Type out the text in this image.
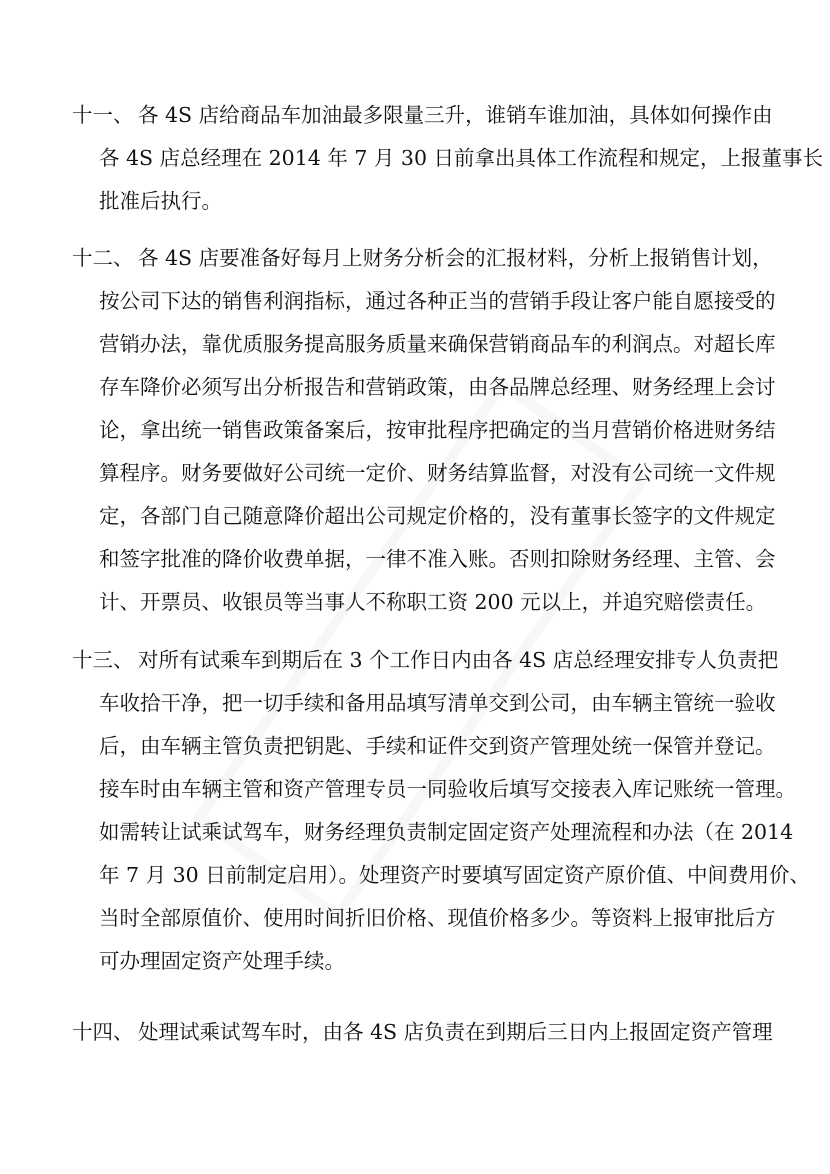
十一、 各 4S 店给商品车加油最多限量三升，谁销车谁加油，具体如何操作由
各 4S 店总经理在 2014 年 7 月 30 日前拿出具体工作流程和规定，上报董事长
批准后执行。
十二、 各 4S 店要准备好每月上财务分析会的汇报材料，分析上报销售计划，
按公司下达的销售利润指标，通过各种正当的营销手段让客户能自愿接受的
营销办法，靠优质服务提高服务质量来确保营销商品车的利润点。对超长库
存车降价必须写出分析报告和营销政策，由各品牌总经理、财务经理上会讨
论，拿出统一销售政策备案后，按审批程序把确定的当月营销价格进财务结
算程序。财务要做好公司统一定价、财务结算监督，对没有公司统一文件规
定，各部门自己随意降价超出公司规定价格的，没有董事长签字的文件规定
和签字批准的降价收费单据，一律不准入账。否则扣除财务经理、主管、会
计、开票员、收银员等当事人不称职工资 200 元以上，并追究赔偿责任。
十三、 对所有试乘车到期后在 3 个工作日内由各 4S 店总经理安排专人负责把
车收拾干净，把一切手续和备用品填写清单交到公司，由车辆主管统一验收
后，由车辆主管负责把钥匙、手续和证件交到资产管理处统一保管并登记。
接车时由车辆主管和资产管理专员一同验收后填写交接表入库记账统一管理。
如需转让试乘试驾车，财务经理负责制定固定资产处理流程和办法（在 2014
年 7 月 30 日前制定启用）。处理资产时要填写固定资产原价值、中间费用价、
当时全部原值价、使用时间折旧价格、现值价格多少。等资料上报审批后方
可办理固定资产处理手续。
十四、 处理试乘试驾车时，由各 4S 店负责在到期后三日内上报固定资产管理
